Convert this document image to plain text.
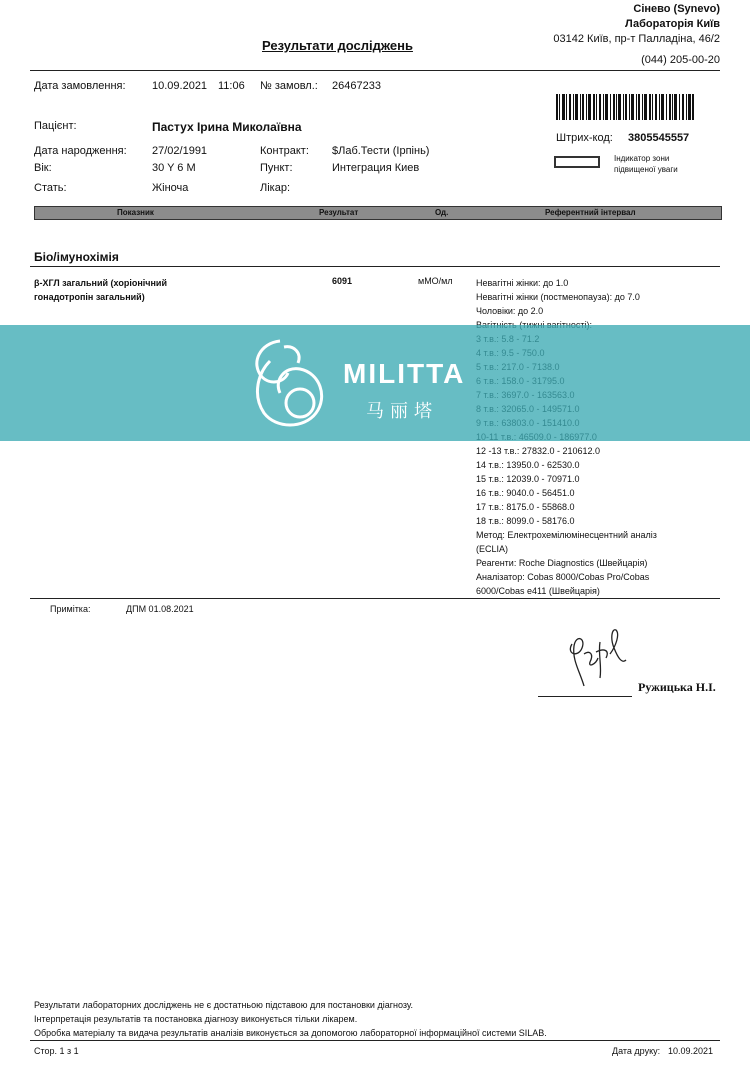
Результати досліджень
Сінево (Synevo)
Лабораторія Київ
03142 Київ, пр-т Палладіна, 46/2
(044) 205-00-20
Дата замовлення: 10.09.2021 11:06 № замовл.: 26467233
Пацієнт:	Пастух Ірина Миколаївна
Дата народження: 27/02/1991	Контракт: $Лаб.Тести (Ірпінь)
Вік:	30 Y 6 M	Пункт:	Интеграция Киев
Стать:	Жіноча	Лікар:
Штрих-код: 3805545557
Індикатор зони
підвищеної уваги
Показник	Результат	Од.	Референтний інтервал
Біо/імунохімія
β-ХГЛ загальний (хоріонічний
гонадотропін загальний)
6091	мМО/мл	Невагітні жінки: до 1.0
Невагітні жінки (постменопауза): до 7.0
Чоловіки: до 2.0
12 -13 т.в.: 27832.0 - 210612.0
14 т.в.: 13950.0 - 62530.0
15 т.в.: 12039.0 - 70971.0
16 т.в.: 9040.0 - 56451.0
17 т.в.: 8175.0 - 55868.0
18 т.в.: 8099.0 - 58176.0
Метод: Електрохемілюмінесцентний аналіз
(ECLIA)
Реагенти: Roche Diagnostics (Швейцарія)
Аналізатор: Cobas 8000/Cobas Pro/Cobas
6000/Cobas e411 (Швейцарія)
MILITTA
马丽塔
Примітка:	ДПМ 01.08.2021
Ружицька Н.І.
Результати лабораторних досліджень не є достатньою підставою для постановки діагнозу.
Інтерпретація результатів та постановка діагнозу виконується тільки лікарем.
Обробка матеріалу та видача результатів аналізів виконується за допомогою лабораторної інформаційної системи SILAB.
Стор. 1 з 1	Дата друку: 10.09.2021
